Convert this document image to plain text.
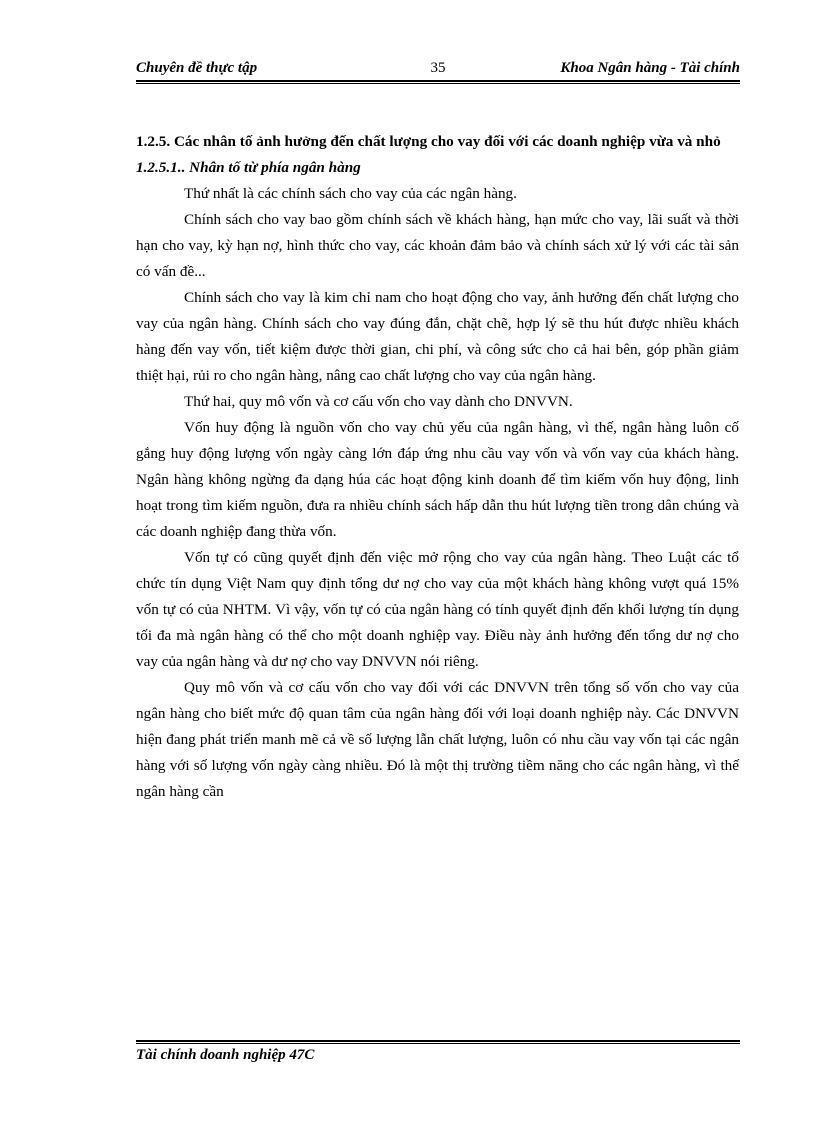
Chuyên đề thực tập	35	Khoa Ngân hàng - Tài chính

1.2.5. Các nhân tố ảnh hưởng đến chất lượng cho vay đối với các doanh nghiệp vừa và nhỏ

1.2.5.1.. Nhân tố từ phía ngân hàng

Thứ nhất là các chính sách cho vay của các ngân hàng.

Chính sách cho vay bao gồm chính sách về khách hàng, hạn mức cho vay, lãi suất và thời hạn cho vay, kỳ hạn nợ, hình thức cho vay, các khoản đảm bảo và chính sách xử lý với các tài sản có vấn đề...

Chính sách cho vay là kim chỉ nam cho hoạt động cho vay, ảnh hưởng đến chất lượng cho vay của ngân hàng. Chính sách cho vay đúng đắn, chặt chẽ, hợp lý sẽ thu hút được nhiều khách hàng đến vay vốn, tiết kiệm được thời gian, chi phí, và công sức cho cả hai bên, góp phần giảm thiệt hại, rủi ro cho ngân hàng, nâng cao chất lượng cho vay của ngân hàng.

Thứ hai, quy mô vốn và cơ cấu vốn cho vay dành cho DNVVN.

Vốn huy động là nguồn vốn cho vay chủ yếu của ngân hàng, vì thế, ngân hàng luôn cố gắng huy động lượng vốn ngày càng lớn đáp ứng nhu cầu vay vốn và vốn vay của khách hàng. Ngân hàng không ngừng đa dạng húa các hoạt động kinh doanh để tìm kiếm vốn huy động, linh hoạt trong tìm kiếm nguồn, đưa ra nhiều chính sách hấp dẫn thu hút lượng tiền trong dân chúng và các doanh nghiệp đang thừa vốn.

Vốn tự có cũng quyết định đến việc mở rộng cho vay của ngân hàng. Theo Luật các tổ chức tín dụng Việt Nam quy định tổng dư nợ cho vay của một khách hàng không vượt quá 15% vốn tự có của NHTM. Vì vậy, vốn tự có của ngân hàng có tính quyết định đến khối lượng tín dụng tối đa mà ngân hàng có thể cho một doanh nghiệp vay. Điều này ảnh hưởng đến tổng dư nợ cho vay của ngân hàng và dư nợ cho vay DNVVN nói riêng.

Quy mô vốn và cơ cấu vốn cho vay đối với các DNVVN trên tổng số vốn cho vay của ngân hàng cho biết mức độ quan tâm của ngân hàng đối với loại doanh nghiệp này. Các DNVVN hiện đang phát triển manh mẽ cả về số lượng lẫn chất lượng, luôn có nhu cầu vay vốn tại các ngân hàng với số lượng vốn ngày càng nhiều. Đó là một thị trường tiềm năng cho các ngân hàng, vì thế ngân hàng cần

Tài chính doanh nghiệp 47C
